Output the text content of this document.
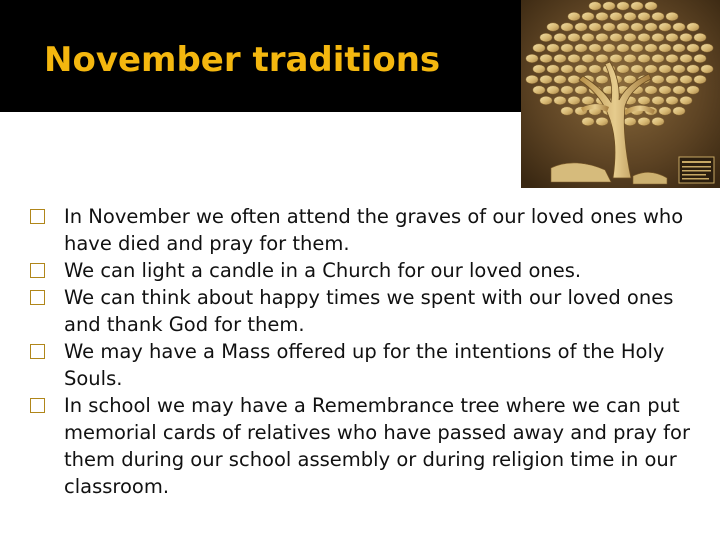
November traditions
In November we often attend the graves of our loved ones who have died and pray for them.
We can light a candle in a Church for our loved ones.
We can think about happy times we spent with our loved ones and thank God for them.
We may have a Mass offered up for the intentions of the Holy Souls.
In school we may have a Remembrance tree where we can put memorial cards of relatives who have passed away and pray for them during our school assembly or during religion time in our classroom.
